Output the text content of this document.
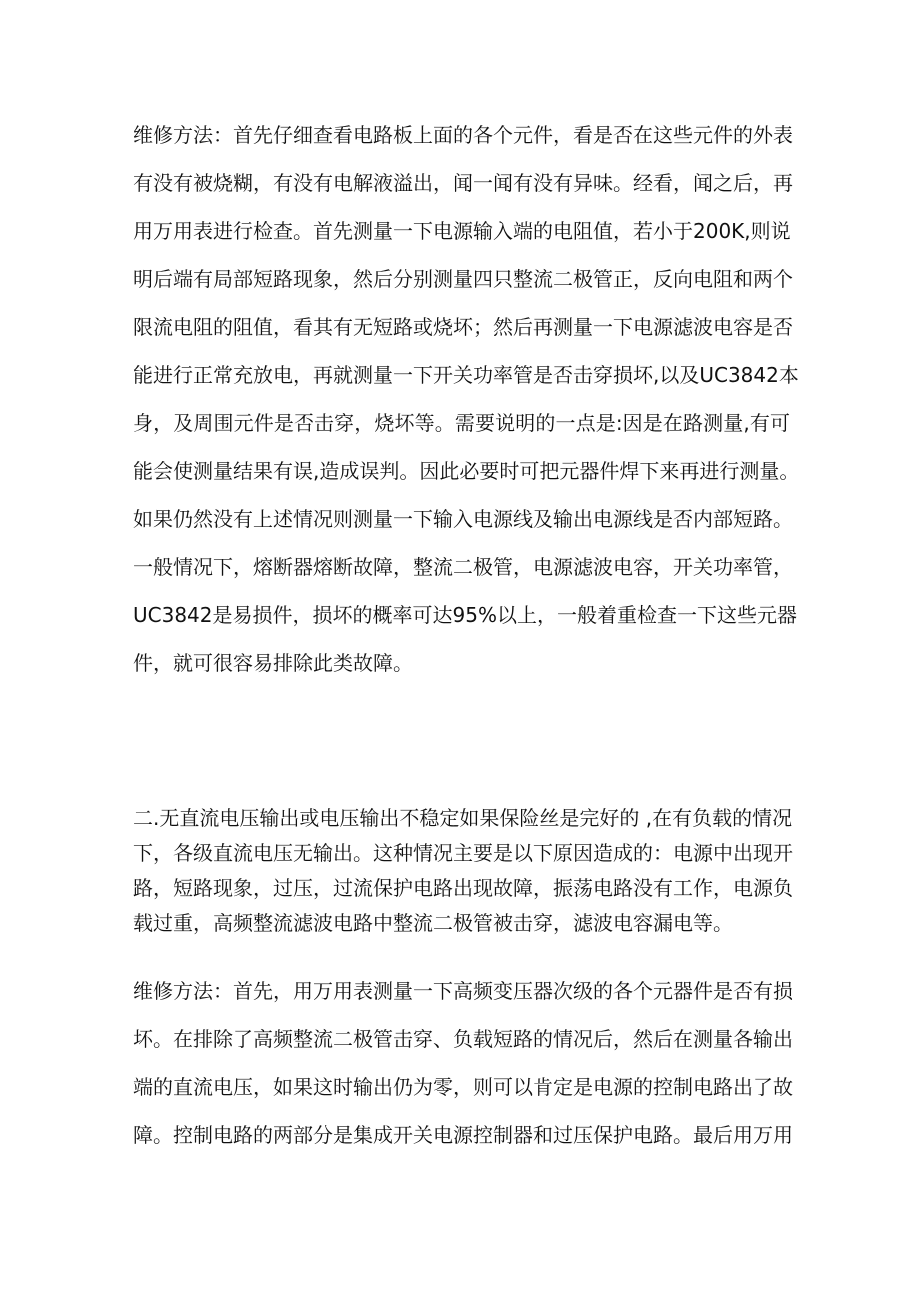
维修方法：首先仔细查看电路板上面的各个元件，看是否在这些元件的外表
有没有被烧糊，有没有电解液溢出，闻一闻有没有异味。经看，闻之后，再
用万用表进行检查。首先测量一下电源输入端的电阻值，若小于200K,则说
明后端有局部短路现象，然后分别测量四只整流二极管正，反向电阻和两个
限流电阻的阻值，看其有无短路或烧坏；然后再测量一下电源滤波电容是否
能进行正常充放电，再就测量一下开关功率管是否击穿损坏,以及UC3842本
身，及周围元件是否击穿，烧坏等。需要说明的一点是:因是在路测量,有可
能会使测量结果有误,造成误判。因此必要时可把元器件焊下来再进行测量。
如果仍然没有上述情况则测量一下输入电源线及输出电源线是否内部短路。
一般情况下，熔断器熔断故障，整流二极管，电源滤波电容，开关功率管，
UC3842是易损件，损坏的概率可达95%以上，一般着重检查一下这些元器
件，就可很容易排除此类故障。
二.无直流电压输出或电压输出不稳定如果保险丝是完好的 ,在有负载的情况
下，各级直流电压无输出。这种情况主要是以下原因造成的：电源中出现开
路，短路现象，过压，过流保护电路出现故障，振荡电路没有工作，电源负
载过重，高频整流滤波电路中整流二极管被击穿，滤波电容漏电等。
维修方法：首先，用万用表测量一下高频变压器次级的各个元器件是否有损
坏。在排除了高频整流二极管击穿、负载短路的情况后，然后在测量各输出
端的直流电压，如果这时输出仍为零，则可以肯定是电源的控制电路出了故
障。控制电路的两部分是集成开关电源控制器和过压保护电路。最后用万用
